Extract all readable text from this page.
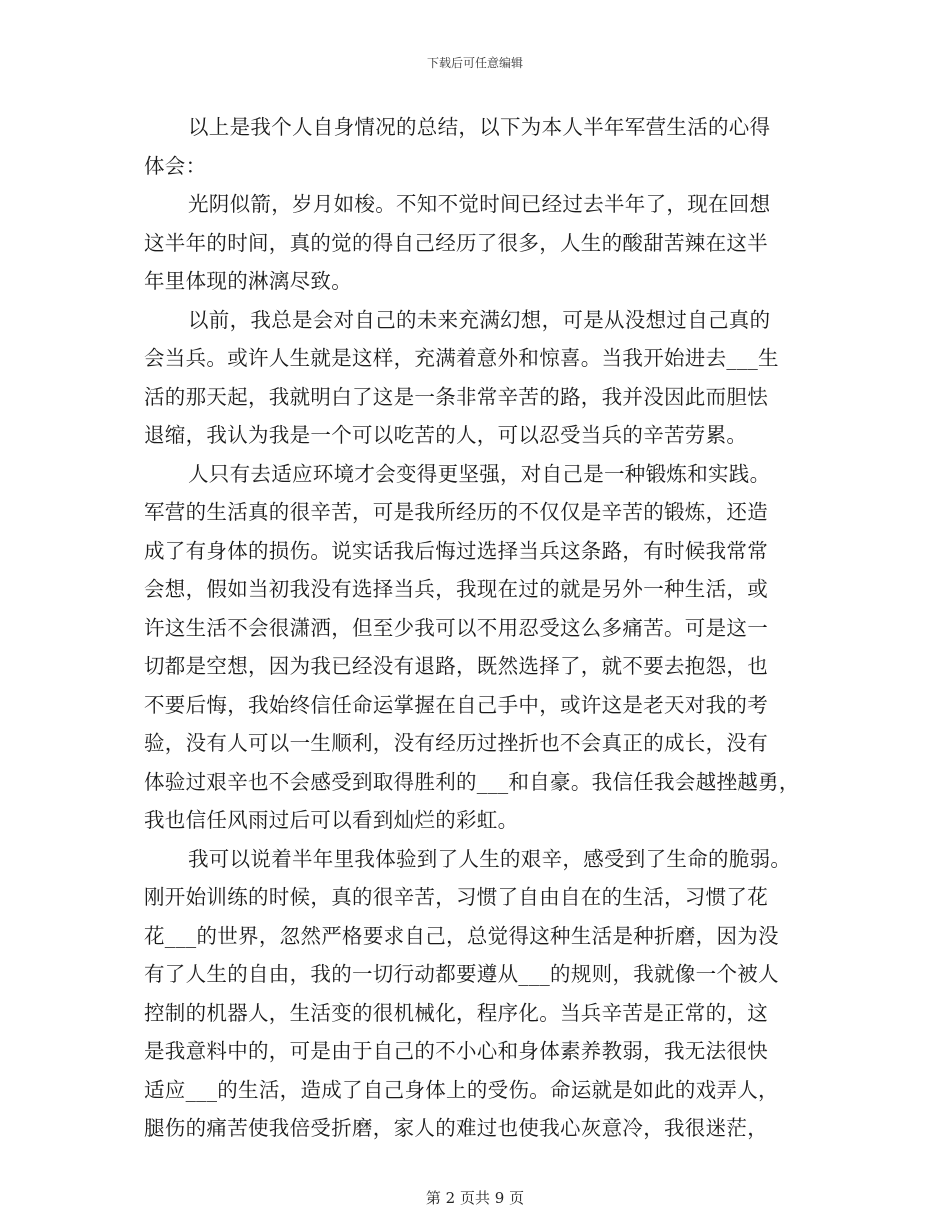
下载后可任意编辑
以上是我个人自身情况的总结，以下为本人半年军营生活的心得
体会：
光阴似箭，岁月如梭。不知不觉时间已经过去半年了，现在回想
这半年的时间，真的觉的得自己经历了很多，人生的酸甜苦辣在这半
年里体现的淋漓尽致。
以前，我总是会对自己的未来充满幻想，可是从没想过自己真的
会当兵。或许人生就是这样，充满着意外和惊喜。当我开始进去___生
活的那天起，我就明白了这是一条非常辛苦的路，我并没因此而胆怯
退缩，我认为我是一个可以吃苦的人，可以忍受当兵的辛苦劳累。
人只有去适应环境才会变得更坚强，对自己是一种锻炼和实践。
军营的生活真的很辛苦，可是我所经历的不仅仅是辛苦的锻炼，还造
成了有身体的损伤。说实话我后悔过选择当兵这条路，有时候我常常
会想，假如当初我没有选择当兵，我现在过的就是另外一种生活，或
许这生活不会很潇洒，但至少我可以不用忍受这么多痛苦。可是这一
切都是空想，因为我已经没有退路，既然选择了，就不要去抱怨，也
不要后悔，我始终信任命运掌握在自己手中，或许这是老天对我的考
验，没有人可以一生顺利，没有经历过挫折也不会真正的成长，没有
体验过艰辛也不会感受到取得胜利的___和自豪。我信任我会越挫越勇，
我也信任风雨过后可以看到灿烂的彩虹。
我可以说着半年里我体验到了人生的艰辛，感受到了生命的脆弱。
刚开始训练的时候，真的很辛苦，习惯了自由自在的生活，习惯了花
花___的世界，忽然严格要求自己，总觉得这种生活是种折磨，因为没
有了人生的自由，我的一切行动都要遵从___的规则，我就像一个被人
控制的机器人，生活变的很机械化，程序化。当兵辛苦是正常的，这
是我意料中的，可是由于自己的不小心和身体素养教弱，我无法很快
适应___的生活，造成了自己身体上的受伤。命运就是如此的戏弄人，
腿伤的痛苦使我倍受折磨，家人的难过也使我心灰意冷，我很迷茫，
第 2 页共 9 页
